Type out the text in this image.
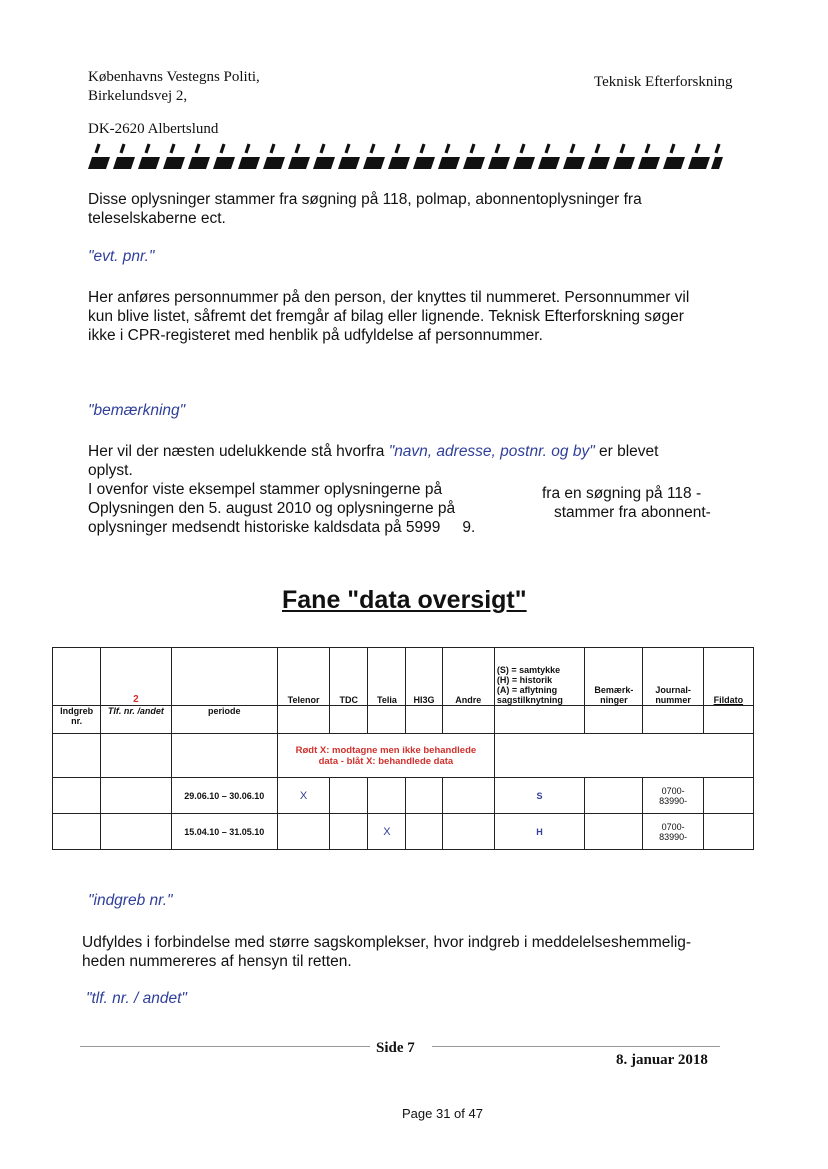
Københavns Vestegns Politi,
Birkelundsvej 2,
Teknisk Efterforskning
DK-2620 Albertslund
Disse oplysninger stammer fra søgning på 118, polmap, abonnentoplysninger fra
teleselskaberne ect.
"evt. pnr."
Her anføres personnummer på den person, der knyttes til nummeret. Personnummer vil
kun blive listet, såfremt det fremgår af bilag eller lignende. Teknisk Efterforskning søger
ikke i CPR-registeret med henblik på udfyldelse af personnummer.
"bemærkning"
Her vil der næsten udelukkende stå hvorfra "navn, adresse, postnr. og by" er blevet
oplyst.
I ovenfor viste eksempel stammer oplysningerne på
Oplysningen den 5. august 2010 og oplysningerne på
oplysninger medsendt historiske kaldsdata på 5999 9.
fra en søgning på 118 -
stammer fra abonnent-
Fane "data oversigt"
	2		Telenor	TDC	Telia	HI3G	Andre	(S) = samtykke
(H) = historik
(A) = aflytning
sagstilknytning	Bemærk-ninger	Journal-nummer	Fildato
Indgreb nr.	Tlf. nr. /andet	periode									

			Rødt X: modtagne men ikke behandlede
data - blåt X: behandlede data								

		29.06.10 – 30.06.10	X					S		0700-
83990-	

		15.04.10 – 31.05.10			X			H		0700-
83990-	

"indgreb nr."
Udfyldes i forbindelse med større sagskomplekser, hvor indgreb i meddelelseshemmelig-
heden nummereres af hensyn til retten.
"tlf. nr. / andet"
Side 7
8. januar 2018
Page 31 of 47
